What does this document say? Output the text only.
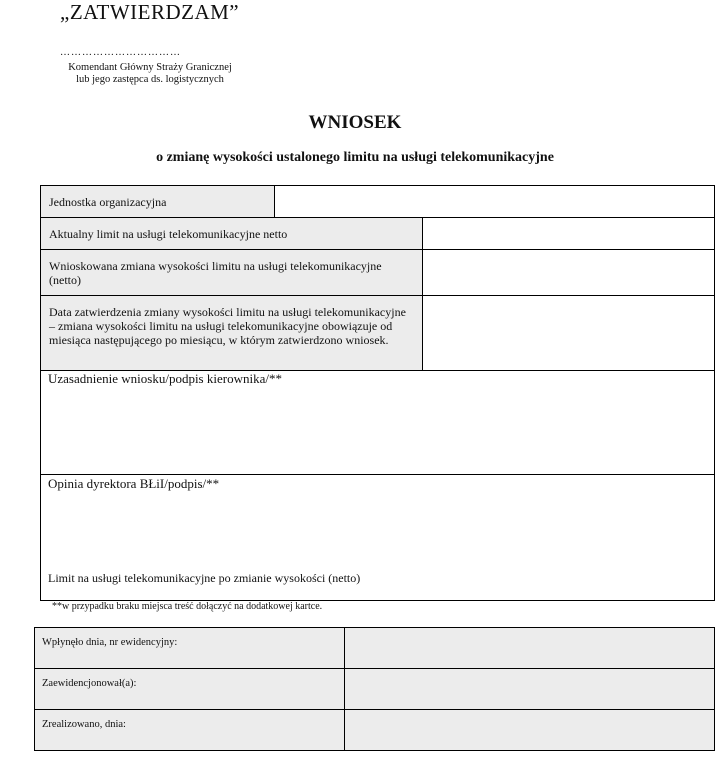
„ZATWIERDZAM”
……………………………
Komendant Główny Straży Granicznej
lub jego zastępca ds. logistycznych
WNIOSEK
o zmianę wysokości ustalonego limitu na usługi telekomunikacyjne
Jednostka organizacyjna
Aktualny limit na usługi telekomunikacyjne netto
Wnioskowana zmiana wysokości limitu na usługi telekomunikacyjne (netto)
Data zatwierdzenia zmiany wysokości limitu na usługi telekomunikacyjne – zmiana wysokości limitu na usługi telekomunikacyjne obowiązuje od miesiąca następującego po miesiącu, w którym zatwierdzono wniosek.
Uzasadnienie wniosku/podpis kierownika/**
Opinia dyrektora BŁiI/podpis/**
Limit na usługi telekomunikacyjne po zmianie wysokości (netto)
**w przypadku braku miejsca treść dołączyć na dodatkowej kartce.
Wpłynęło dnia, nr ewidencyjny:
Zaewidencjonował(a):
Zrealizowano, dnia:
